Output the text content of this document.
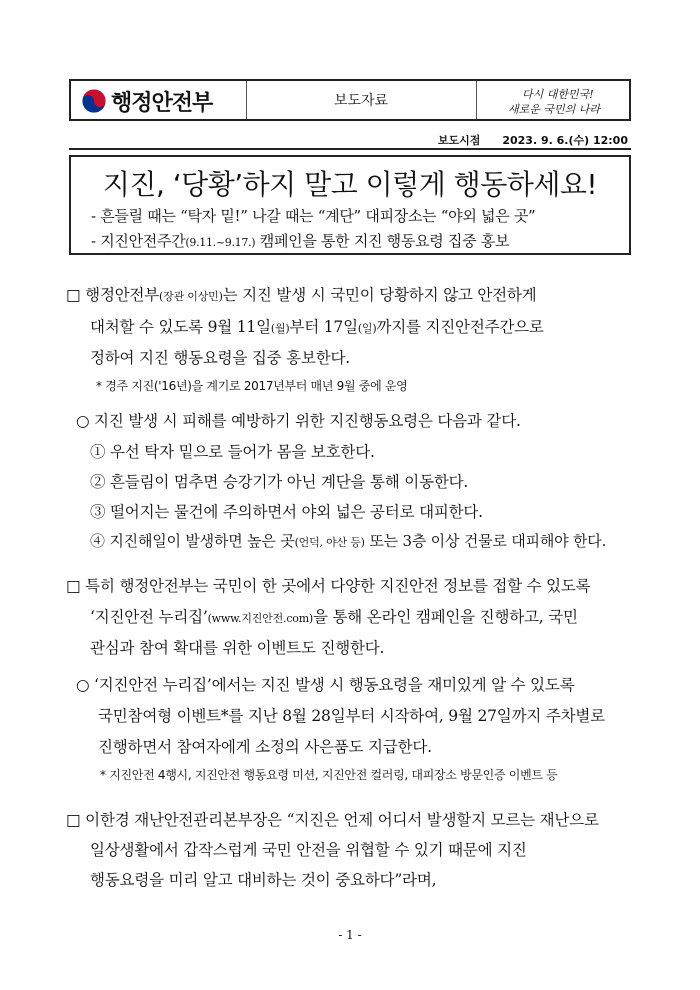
행정안전부	보도자료	다시 대한민국!
새로운 국민의 나라
보도시점 2023. 9. 6.(수) 12:00
지진, ‘당황’하지 말고 이렇게 행동하세요!
- 흔들릴 때는 “탁자 밑!” 나갈 때는 “계단” 대피장소는 “야외 넓은 곳”
- 지진안전주간(9.11.~9.17.) 캠페인을 통한 지진 행동요령 집중 홍보
□ 행정안전부(장관 이상민)는 지진 발생 시 국민이 당황하지 않고 안전하게
대처할 수 있도록 9월 11일(월)부터 17일(일)까지를 지진안전주간으로
정하여 지진 행동요령을 집중 홍보한다.
* 경주 지진('16년)을 계기로 2017년부터 매년 9월 중에 운영
○ 지진 발생 시 피해를 예방하기 위한 지진행동요령은 다음과 같다.
① 우선 탁자 밑으로 들어가 몸을 보호한다.
② 흔들림이 멈추면 승강기가 아닌 계단을 통해 이동한다.
③ 떨어지는 물건에 주의하면서 야외 넓은 공터로 대피한다.
④ 지진해일이 발생하면 높은 곳(언덕, 야산 등) 또는 3층 이상 건물로 대피해야 한다.
□ 특히 행정안전부는 국민이 한 곳에서 다양한 지진안전 정보를 접할 수 있도록
‘지진안전 누리집’(www.지진안전.com)을 통해 온라인 캠페인을 진행하고, 국민
관심과 참여 확대를 위한 이벤트도 진행한다.
○ ‘지진안전 누리집’에서는 지진 발생 시 행동요령을 재미있게 알 수 있도록
국민참여형 이벤트*를 지난 8월 28일부터 시작하여, 9월 27일까지 주차별로
진행하면서 참여자에게 소정의 사은품도 지급한다.
* 지진안전 4행시, 지진안전 행동요령 미션, 지진안전 컬러링, 대피장소 방문인증 이벤트 등
□ 이한경 재난안전관리본부장은 “지진은 언제 어디서 발생할지 모르는 재난으로
일상생활에서 갑작스럽게 국민 안전을 위협할 수 있기 때문에 지진
행동요령을 미리 알고 대비하는 것이 중요하다”라며,
- 1 -
